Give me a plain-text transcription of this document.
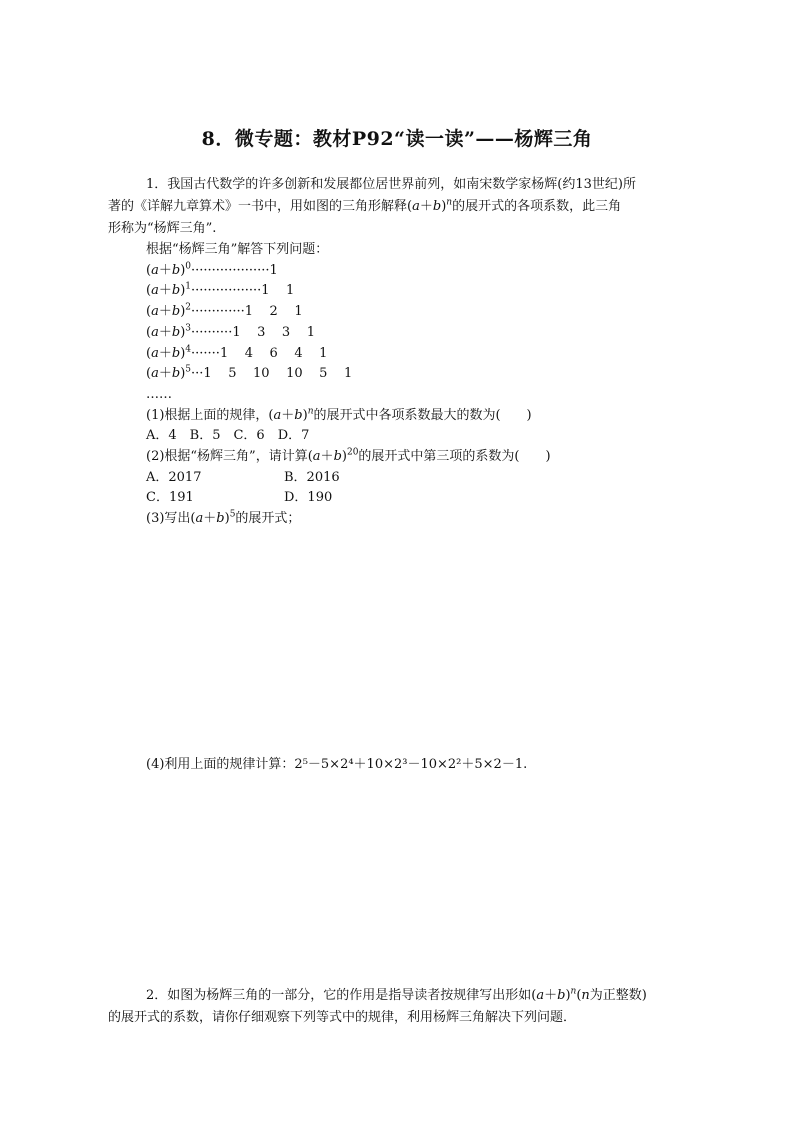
8．微专题：教材P92“读一读”——杨辉三角
1．我国古代数学的许多创新和发展都位居世界前列，如南宋数学家杨辉(约13世纪)所
著的《详解九章算术》一书中，用如图的三角形解释$(a+b)^n$的展开式的各项系数，此三角
形称为“杨辉三角”.
根据“杨辉三角”解答下列问题：
$(a+b)^0\cdot\cdot\cdot\cdot\cdot\cdot\cdot\cdot\cdot\cdot\cdot\cdot\cdot\cdot\cdot\cdot\cdot\cdot\cdot 1$
$(a+b)^1\cdot\cdot\cdot\cdot\cdot\cdot\cdot\cdot\cdot\cdot\cdot\cdot\cdot\cdot\cdot\cdot\cdot 1$    1
$(a+b)^2\cdot\cdot\cdot\cdot\cdot\cdot\cdot\cdot\cdot\cdot\cdot\cdot\cdot 1$    2    1
$(a+b)^3\cdot\cdot\cdot\cdot\cdot\cdot\cdot\cdot\cdot\cdot 1$    3    3    1
$(a+b)^4\cdot\cdot\cdot\cdot\cdot\cdot\cdot 1$    4    6    4    1
$(a+b)^5\cdot\cdot\cdot 1$    5    10    10    5    1
……
(1)根据上面的规律，$(a+b)^n$的展开式中各项系数最大的数为(　　)
A．4　B．5　C．6　D．7
(2)根据“杨辉三角”，请计算$(a+b)^{20}$的展开式中第三项的系数为(　　)
A．2017	B．2016
C．191	D．190
(3)写出$(a+b)^5$的展开式；
(4)利用上面的规律计算：2⁵－5×2⁴＋10×2³－10×2²＋5×2－1.
2．如图为杨辉三角的一部分，它的作用是指导读者按规律写出形如$(a+b)^n(n$为正整数)
的展开式的系数，请你仔细观察下列等式中的规律，利用杨辉三角解决下列问题．
